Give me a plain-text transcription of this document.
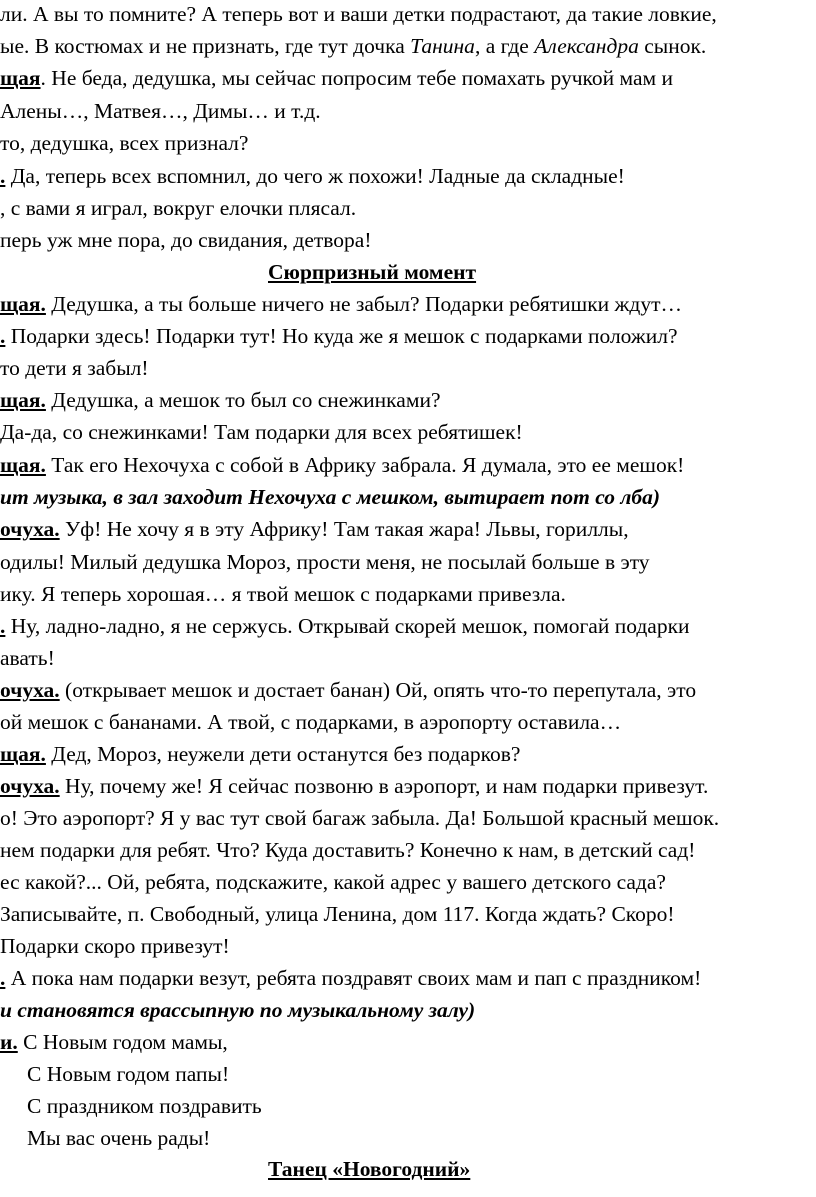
ли. А вы то помните? А теперь вот и ваши детки подрастают, да такие ловкие,
ые. В костюмах и не признать, где тут дочка Танина, а где Александра сынок.
щая. Не беда, дедушка, мы сейчас попросим тебе помахать ручкой мам и
Алены…, Матвея…, Димы… и т.д.
то, дедушка, всех признал?
. Да, теперь всех вспомнил, до чего ж похожи! Ладные да складные!
, с вами я играл, вокруг елочки плясал.
перь уж мне пора, до свидания, детвора!
Сюрпризный момент
щая. Дедушка, а ты больше ничего не забыл? Подарки ребятишки ждут…
. Подарки здесь! Подарки тут! Но куда же я мешок с подарками положил?
то дети я забыл!
щая. Дедушка, а мешок то был со снежинками?
Да-да, со снежинками! Там подарки для всех ребятишек!
щая. Так его Нехочуха с собой в Африку забрала. Я думала, это ее мешок!
ит музыка, в зал заходит Нехочуха с мешком, вытирает пот со лба)
очуха. Уф! Не хочу я в эту Африку! Там такая жара! Львы, гориллы,
одилы! Милый дедушка Мороз, прости меня, не посылай больше в эту
ику. Я теперь хорошая… я твой мешок с подарками привезла.
. Ну, ладно-ладно, я не сержусь. Открывай скорей мешок, помогай подарки
авать!
очуха. (открывает мешок и достает банан) Ой, опять что-то перепутала, это
ой мешок с бананами. А твой, с подарками, в аэропорту оставила…
щая. Дед, Мороз, неужели дети останутся без подарков?
очуха. Ну, почему же! Я сейчас позвоню в аэропорт, и нам подарки привезут.
о! Это аэропорт? Я у вас тут свой багаж забыла. Да! Большой красный мешок.
нем подарки для ребят. Что? Куда доставить? Конечно к нам, в детский сад!
ес какой?... Ой, ребята, подскажите, какой адрес у вашего детского сада?
Записывайте, п. Свободный, улица Ленина, дом 117. Когда ждать? Скоро!
Подарки скоро привезут!
. А пока нам подарки везут, ребята поздравят своих мам и пап с праздником!
и становятся врассыпную по музыкальному залу)
и. С Новым годом мамы,
С Новым годом папы!
С праздником поздравить
Мы вас очень рады!
Танец «Новогодний»
